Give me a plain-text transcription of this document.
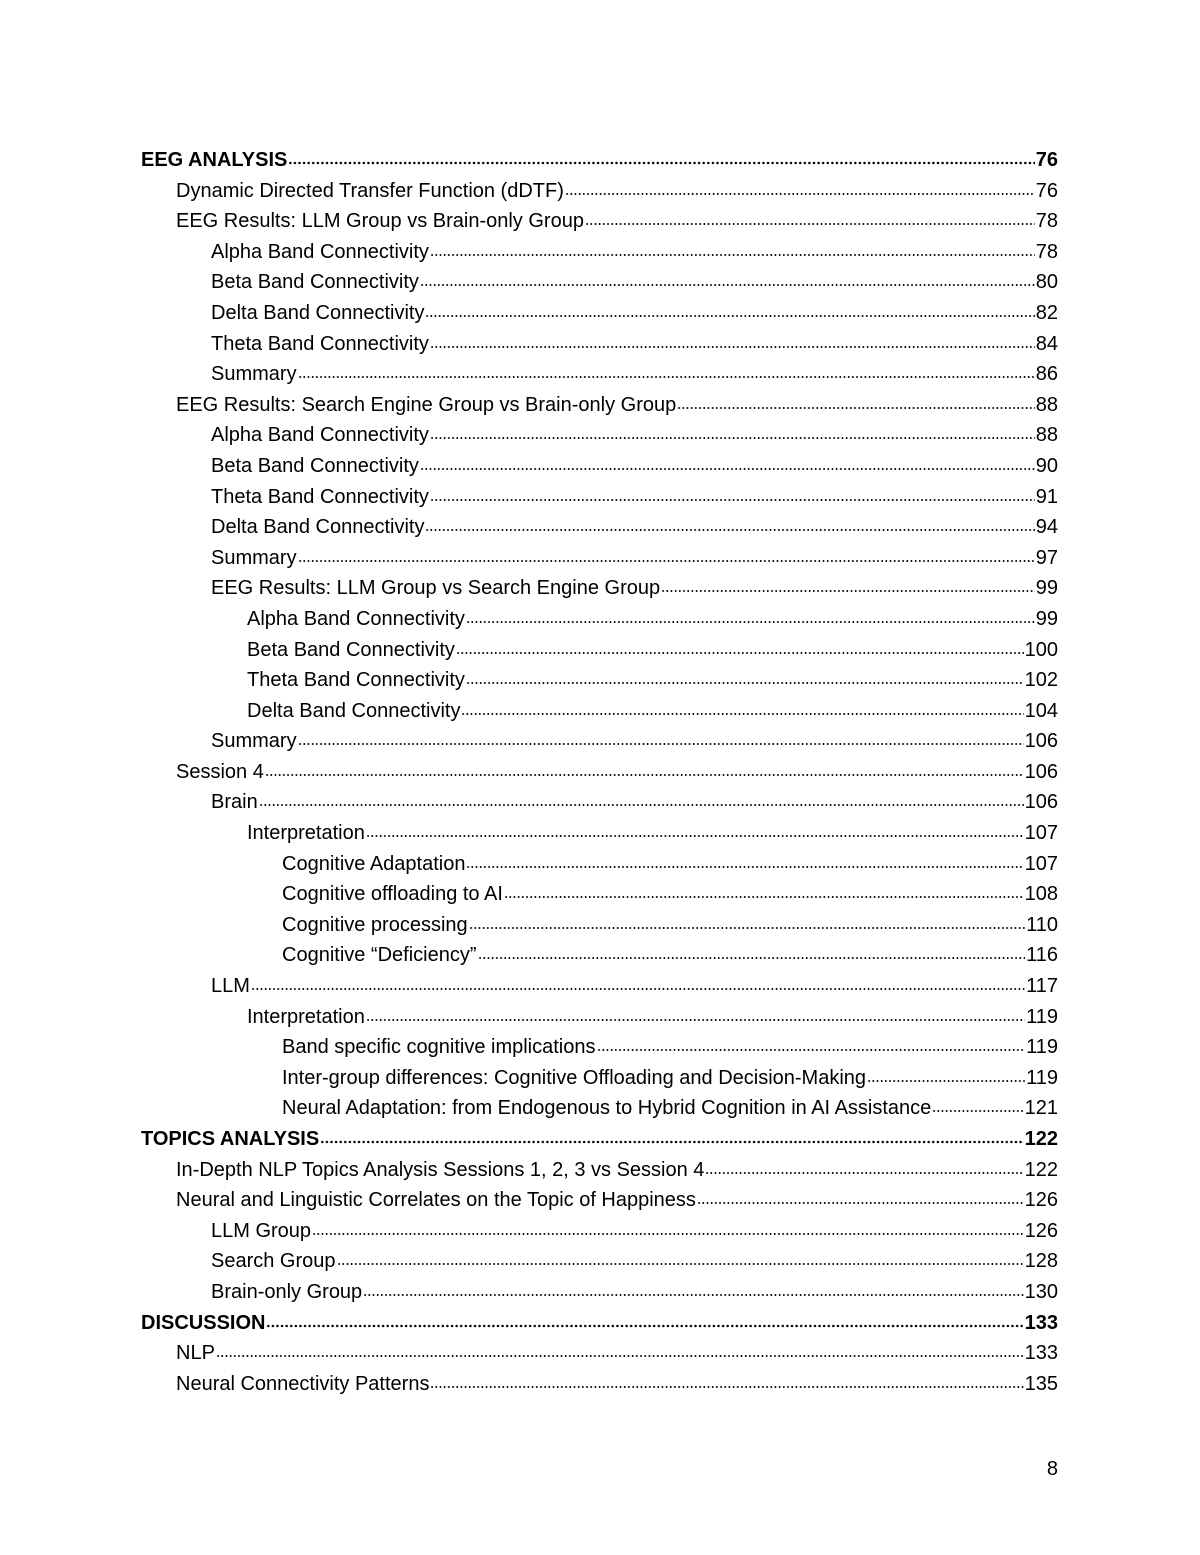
EEG ANALYSIS	76
Dynamic Directed Transfer Function (dDTF)	76
EEG Results: LLM Group vs Brain-only Group	78
Alpha Band Connectivity	78
Beta Band Connectivity	80
Delta Band Connectivity	82
Theta Band Connectivity	84
Summary	86
EEG Results: Search Engine Group vs Brain-only Group	88
Alpha Band Connectivity	88
Beta Band Connectivity	90
Theta Band Connectivity	91
Delta Band Connectivity	94
Summary	97
EEG Results: LLM Group vs Search Engine Group	99
Alpha Band Connectivity	99
Beta Band Connectivity	100
Theta Band Connectivity	102
Delta Band Connectivity	104
Summary	106
Session 4	106
Brain	106
Interpretation	107
Cognitive Adaptation	107
Cognitive offloading to AI	108
Cognitive processing	110
Cognitive “Deficiency”	116
LLM	117
Interpretation	119
Band specific cognitive implications	119
Inter-group differences: Cognitive Offloading and Decision-Making	119
Neural Adaptation: from Endogenous to Hybrid Cognition in AI Assistance	121
TOPICS ANALYSIS	122
In-Depth NLP Topics Analysis Sessions 1, 2, 3 vs Session 4	122
Neural and Linguistic Correlates on the Topic of Happiness	126
LLM Group	126
Search Group	128
Brain-only Group	130
DISCUSSION	133
NLP	133
Neural Connectivity Patterns	135
8
